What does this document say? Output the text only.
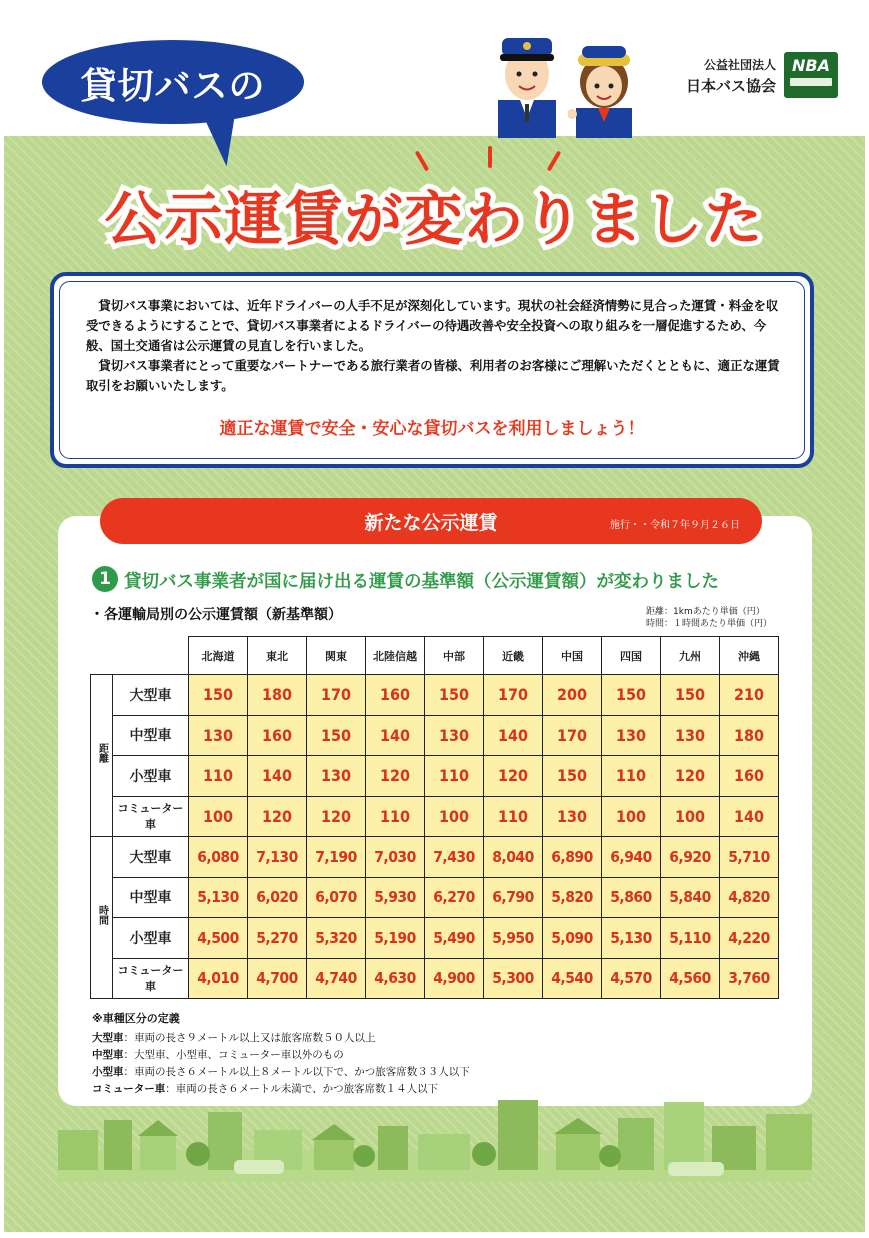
貸切バスの
公益社団法人
日本バス協会
NBA
公示運賃が変わりました

貸切バス事業においては、近年ドライバーの人手不足が深刻化しています。現状の社会経済情勢に見合った運賃・料金を収受できるようにすることで、貸切バス事業者によるドライバーの待遇改善や安全投資への取り組みを一層促進するため、今般、国土交通省は公示運賃の見直しを行いました。

貸切バス事業者にとって重要なパートナーである旅行業者の皆様、利用者のお客様にご理解いただくとともに、適正な運賃取引をお願いいたします。

適正な運賃で安全・安心な貸切バスを利用しましょう！
新たな公示運賃	施行・・令和７年９月２６日
1 貸切バス事業者が国に届け出る運賃の基準額（公示運賃額）が変わりました
・各運輸局別の公示運賃額（新基準額）	距離：1kmあたり単価（円）
時間：１時間あたり単価（円）
		北海道	東北	関東	北陸信越	中部	近畿	中国	四国	九州	沖縄
距離	大型車	150	180	170	160	150	170	200	150	150	210
	中型車	130	160	150	140	130	140	170	130	130	180
	小型車	110	140	130	120	110	120	150	110	120	160
	コミューター車	100	120	120	110	100	110	130	100	100	140
時間	大型車	6,080	7,130	7,190	7,030	7,430	8,040	6,890	6,940	6,920	5,710
	中型車	5,130	6,020	6,070	5,930	6,270	6,790	5,820	5,860	5,840	4,820
	小型車	4,500	5,270	5,320	5,190	5,490	5,950	5,090	5,130	5,110	4,220
	コミューター車	4,010	4,700	4,740	4,630	4,900	5,300	4,540	4,570	4,560	3,760
※車種区分の定義
大型車：車両の長さ９メートル以上又は旅客席数５０人以上
中型車：大型車、小型車、コミューター車以外のもの
小型車：車両の長さ６メートル以上８メートル以下で、かつ旅客席数３３人以下
コミューター車：車両の長さ６メートル未満で、かつ旅客席数１４人以下
